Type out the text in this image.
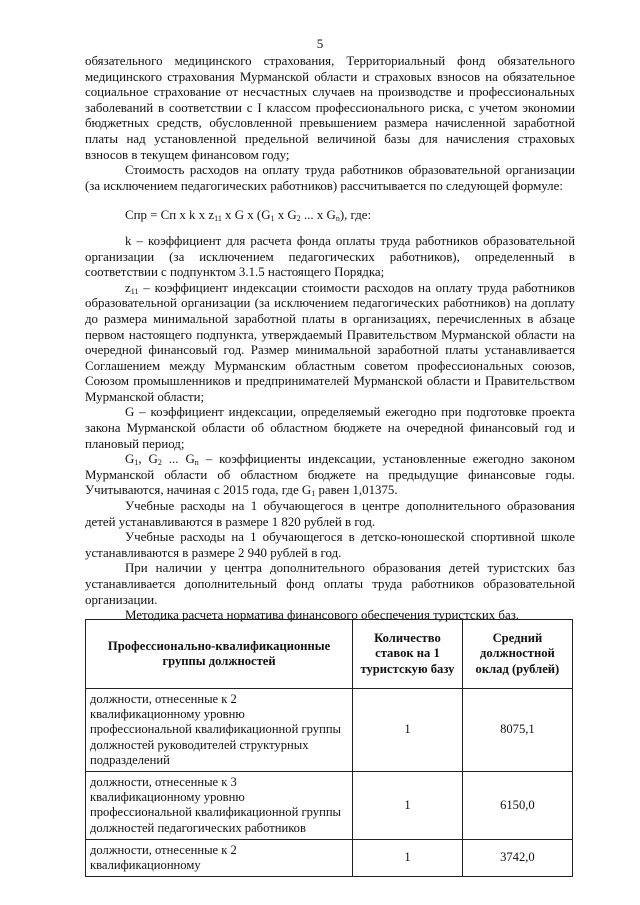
5

обязательного медицинского страхования, Территориальный фонд обязательного медицинского страхования Мурманской области и страховых взносов на обязательное социальное страхование от несчастных случаев на производстве и профессиональных заболеваний в соответствии с I классом профессионального риска, с учетом экономии бюджетных средств, обусловленной превышением размера начисленной заработной платы над установленной предельной величиной базы для начисления страховых взносов в текущем финансовом году;

Стоимость расходов на оплату труда работников образовательной организации (за исключением педагогических работников) рассчитывается по следующей формуле:

Спр = Сп x k x $z_{11}$ x G x ($G_1$ x $G_2$ ... x $G_n$), где:

k – коэффициент для расчета фонда оплаты труда работников образовательной организации (за исключением педагогических работников), определенный в соответствии с подпунктом 3.1.5 настоящего Порядка;

$z_{11}$ – коэффициент индексации стоимости расходов на оплату труда работников образовательной организации (за исключением педагогических работников) на доплату до размера минимальной заработной платы в организациях, перечисленных в абзаце первом настоящего подпункта, утверждаемый Правительством Мурманской области на очередной финансовый год. Размер минимальной заработной платы устанавливается Соглашением между Мурманским областным советом профессиональных союзов, Союзом промышленников и предпринимателей Мурманской области и Правительством Мурманской области;

G – коэффициент индексации, определяемый ежегодно при подготовке проекта закона Мурманской области об областном бюджете на очередной финансовый год и плановый период;

$G_1$, $G_2$ ... $G_n$ – коэффициенты индексации, установленные ежегодно законом Мурманской области об областном бюджете на предыдущие финансовые годы. Учитываются, начиная с 2015 года, где $G_1$ равен 1,01375.

Учебные расходы на 1 обучающегося в центре дополнительного образования детей устанавливаются в размере 1 820 рублей в год.

Учебные расходы на 1 обучающегося в детско-юношеской спортивной школе устанавливаются в размере 2 940 рублей в год.

При наличии у центра дополнительного образования детей туристских баз устанавливается дополнительный фонд оплаты труда работников образовательной организации.

Методика расчета норматива финансового обеспечения туристских баз.

Профессионально-квалификационные группы должностей	Количество ставок на 1 туристскую базу	Средний должностной оклад (рублей)
должности, отнесенные к 2 квалификационному уровню профессиональной квалификационной группы должностей руководителей структурных подразделений	1	8075,1
должности, отнесенные к 3 квалификационному уровню профессиональной квалификационной группы должностей педагогических работников	1	6150,0
должности, отнесенные к 2 квалификационному	1	3742,0
